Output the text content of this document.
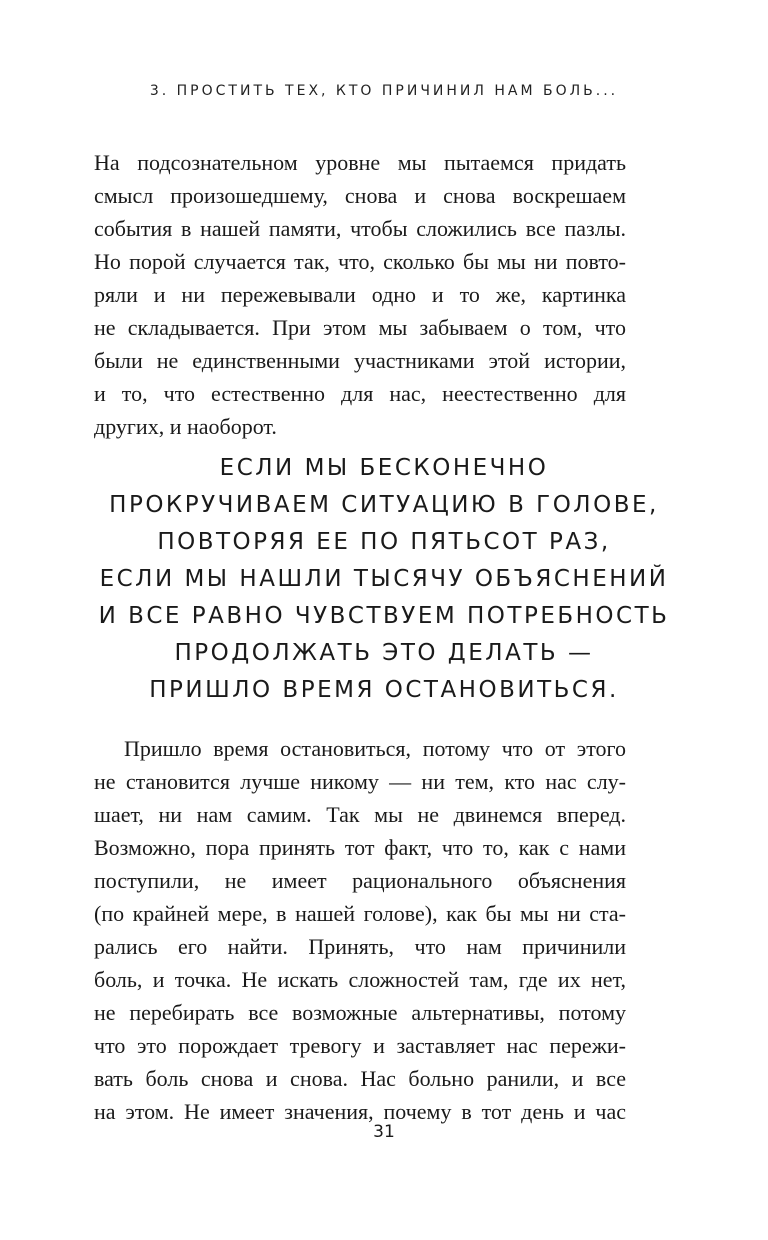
3. ПРОСТИТЬ ТЕХ, КТО ПРИЧИНИЛ НАМ БОЛЬ...

На подсознательном уровне мы пытаемся придать
смысл произошедшему, снова и снова воскрешаем
события в нашей памяти, чтобы сложились все пазлы.
Но порой случается так, что, сколько бы мы ни повто-
ряли и ни пережевывали одно и то же, картинка
не складывается. При этом мы забываем о том, что
были не единственными участниками этой истории,
и то, что естественно для нас, неестественно для
других, и наоборот.

ЕСЛИ МЫ БЕСКОНЕЧНО
ПРОКРУЧИВАЕМ СИТУАЦИЮ В ГОЛОВЕ,
ПОВТОРЯЯ ЕЕ ПО ПЯТЬСОТ РАЗ,
ЕСЛИ МЫ НАШЛИ ТЫСЯЧУ ОБЪЯСНЕНИЙ
И ВСЕ РАВНО ЧУВСТВУЕМ ПОТРЕБНОСТЬ
ПРОДОЛЖАТЬ ЭТО ДЕЛАТЬ —
ПРИШЛО ВРЕМЯ ОСТАНОВИТЬСЯ.

Пришло время остановиться, потому что от этого
не становится лучше никому — ни тем, кто нас слу-
шает, ни нам самим. Так мы не двинемся вперед.
Возможно, пора принять тот факт, что то, как с нами
поступили, не имеет рационального объяснения
(по крайней мере, в нашей голове), как бы мы ни ста-
рались его найти. Принять, что нам причинили
боль, и точка. Не искать сложностей там, где их нет,
не перебирать все возможные альтернативы, потому
что это порождает тревогу и заставляет нас пережи-
вать боль снова и снова. Нас больно ранили, и все
на этом. Не имеет значения, почему в тот день и час

31
